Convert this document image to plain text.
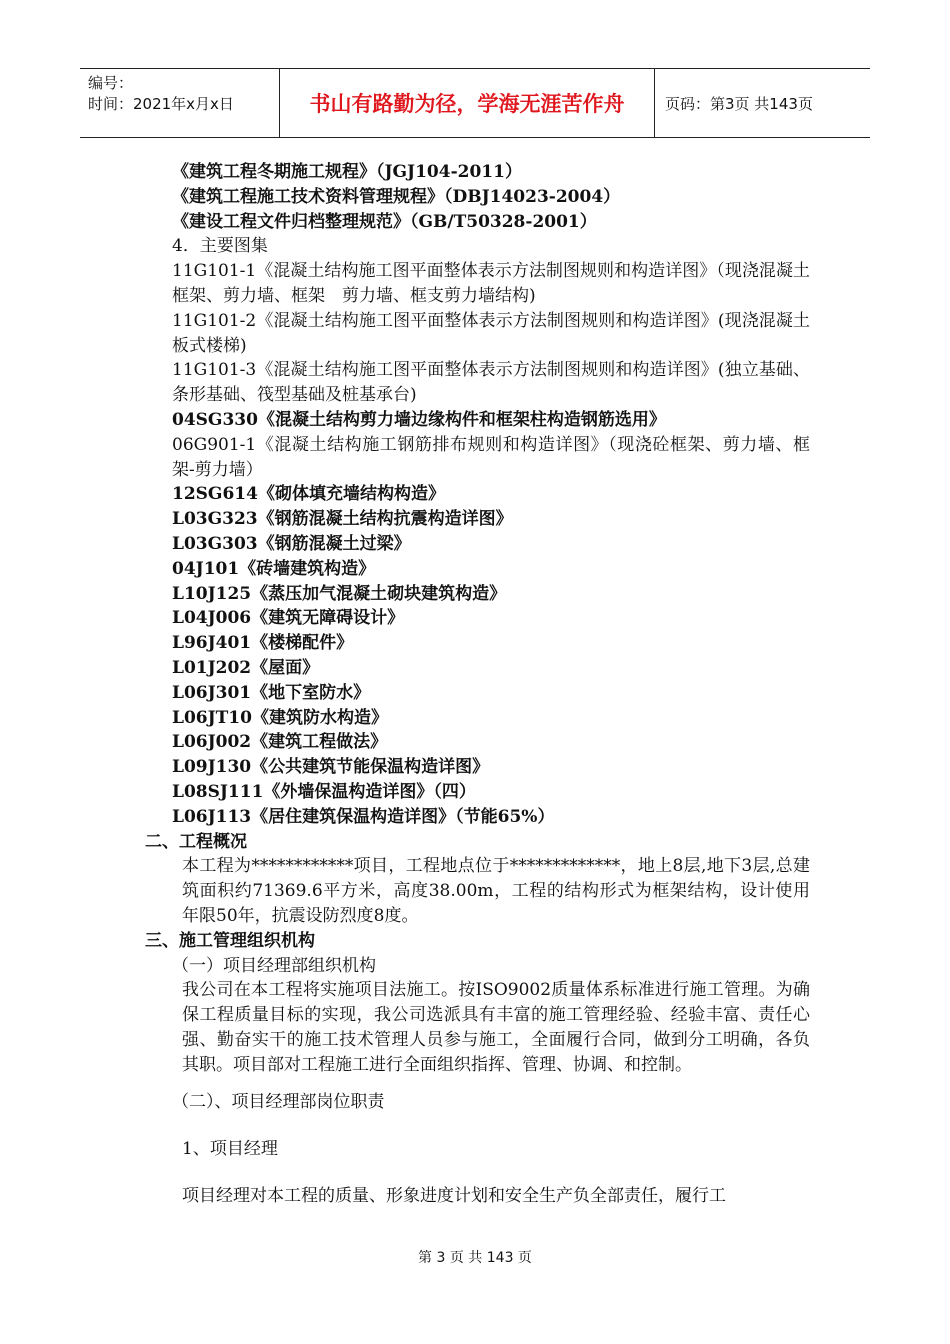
编号：
时间：2021年x月x日	书山有路勤为径，学海无涯苦作舟	页码：第3页 共143页

《建筑工程冬期施工规程》（JGJ104-2011）

《建筑工程施工技术资料管理规程》（DBJ14023-2004）

《建设工程文件归档整理规范》（GB/T50328-2001）

4．主要图集

11G101-1《混凝土结构施工图平面整体表示方法制图规则和构造详图》（现浇混凝土框架、剪力墙、框架　剪力墙、框支剪力墙结构)

11G101-2《混凝土结构施工图平面整体表示方法制图规则和构造详图》(现浇混凝土板式楼梯)

11G101-3《混凝土结构施工图平面整体表示方法制图规则和构造详图》(独立基础、条形基础、筏型基础及桩基承台)

04SG330《混凝土结构剪力墙边缘构件和框架柱构造钢筋选用》

06G901-1《混凝土结构施工钢筋排布规则和构造详图》（现浇砼框架、剪力墙、框架-剪力墙）

12SG614《砌体填充墙结构构造》

L03G323《钢筋混凝土结构抗震构造详图》

L03G303《钢筋混凝土过梁》

04J101《砖墙建筑构造》

L10J125《蒸压加气混凝土砌块建筑构造》

L04J006《建筑无障碍设计》

L96J401《楼梯配件》

L01J202《屋面》

L06J301《地下室防水》

L06JT10《建筑防水构造》

L06J002《建筑工程做法》

L09J130《公共建筑节能保温构造详图》

L08SJ111《外墙保温构造详图》（四）

L06J113《居住建筑保温构造详图》（节能65%）

二、工程概况

本工程为************项目，工程地点位于*************，地上8层,地下3层,总建筑面积约71369.6平方米，高度38.00m，工程的结构形式为框架结构，设计使用年限50年，抗震设防烈度8度。

三、施工管理组织机构

（一）项目经理部组织机构

我公司在本工程将实施项目法施工。按ISO9002质量体系标准进行施工管理。为确保工程质量目标的实现，我公司选派具有丰富的施工管理经验、经验丰富、责任心强、勤奋实干的施工技术管理人员参与施工，全面履行合同，做到分工明确，各负其职。项目部对工程施工进行全面组织指挥、管理、协调、和控制。

（二）、项目经理部岗位职责

1、项目经理

项目经理对本工程的质量、形象进度计划和安全生产负全部责任，履行工

第 3 页 共 143 页
